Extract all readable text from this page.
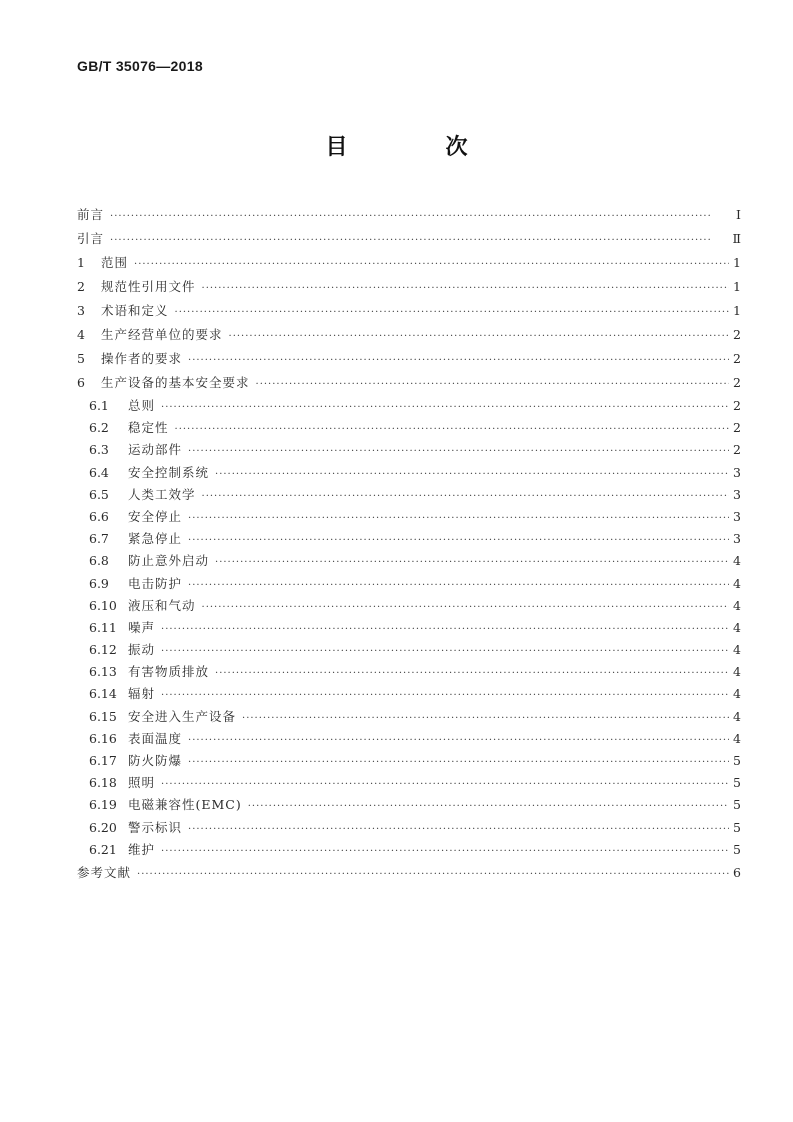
GB/T 35076—2018
目　次
前言 ·····	Ⅰ
引言 ·····	Ⅱ
1	范围 ·····	1
2	规范性引用文件 ·····	1
3	术语和定义 ·····	1
4	生产经营单位的要求 ·····	2
5	操作者的要求 ·····	2
6	生产设备的基本安全要求 ·····	2
6.1	总则 ·····	2
6.2	稳定性 ·····	2
6.3	运动部件 ·····	2
6.4	安全控制系统 ·····	3
6.5	人类工效学 ·····	3
6.6	安全停止 ·····	3
6.7	紧急停止 ·····	3
6.8	防止意外启动 ·····	4
6.9	电击防护 ·····	4
6.10 液压和气动 ·····	4
6.11 噪声 ·····	4
6.12 振动 ·····	4
6.13 有害物质排放 ·····	4
6.14 辐射 ·····	4
6.15 安全进入生产设备 ·····	4
6.16 表面温度 ·····	4
6.17 防火防爆 ·····	5
6.18 照明 ·····	5
6.19 电磁兼容性(EMC) ·····	5
6.20 警示标识 ·····	5
6.21 维护 ·····	5
参考文献 ·····	6
